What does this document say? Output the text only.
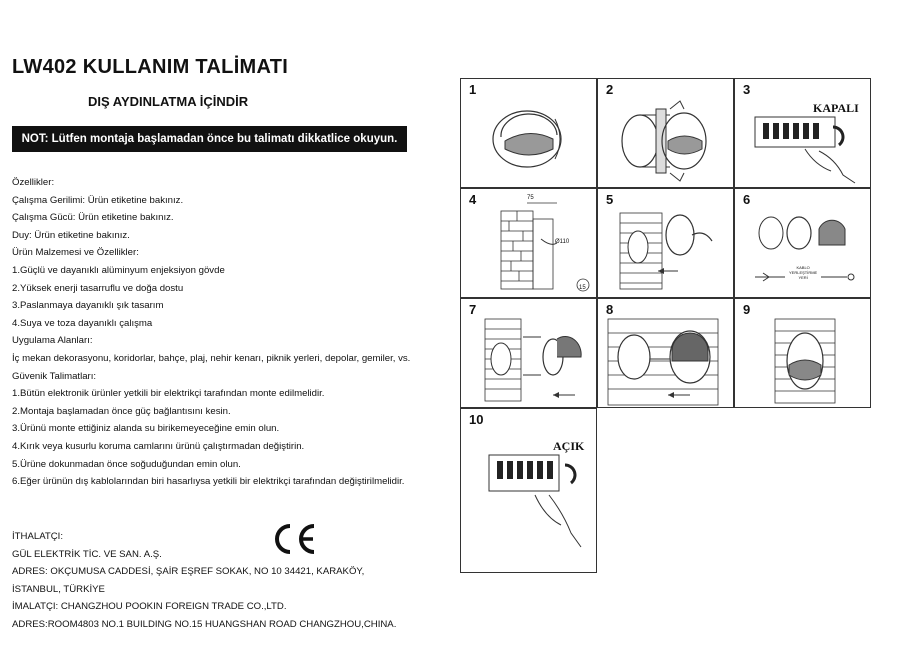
LW402 KULLANIM TALİMATI
DIŞ AYDINLATMA İÇİNDİR
NOT: Lütfen montaja başlamadan önce bu talimatı dikkatlice okuyun.
Özellikler:
Çalışma Gerilimi: Ürün etiketine bakınız.
Çalışma Gücü: Ürün etiketine bakınız.
Duy: Ürün etiketine bakınız.
Ürün Malzemesi ve Özellikler:
1.Güçlü ve dayanıklı alüminyum enjeksiyon gövde
2.Yüksek enerji tasarruflu ve doğa dostu
3.Paslanmaya dayanıklı şık tasarım
4.Suya ve toza dayanıklı çalışma
Uygulama Alanları:
İç mekan dekorasyonu, koridorlar, bahçe, plaj, nehir kenarı, piknik yerleri, depolar, gemiler, vs.
Güvenik Talimatları:
1.Bütün elektronik ürünler yetkili bir elektrikçi tarafından monte edilmelidir.
2.Montaja başlamadan önce güç bağlantısını kesin.
3.Ürünü monte ettiğiniz alanda su birikemeyeceğine emin olun.
4.Kırık veya kusurlu koruma camlarını ürünü çalıştırmadan değiştirin.
5.Ürüne dokunmadan önce soğuduğundan emin olun.
6.Eğer ürünün dış kablolarından biri hasarlıysa yetkili bir elektrikçi tarafından değiştirilmelidir.
İTHALATÇI:
GÜL ELEKTRİK TİC. VE SAN. A.Ş.
ADRES: OKÇUMUSA CADDESİ, ŞAİR EŞREF SOKAK, NO 10 34421, KARAKÖY,
İSTANBUL, TÜRKİYE
İMALATÇI: CHANGZHOU POOKIN FOREIGN TRADE CO.,LTD.
ADRES:ROOM4803 NO.1 BUILDING NO.15 HUANGSHAN ROAD CHANGZHOU,CHINA.
1	2	3
KAPALI
4	75
Ø110
15
5	6
KABLO
YERLEŞTİRME
YERİ
7	8	9
10
AÇIK
